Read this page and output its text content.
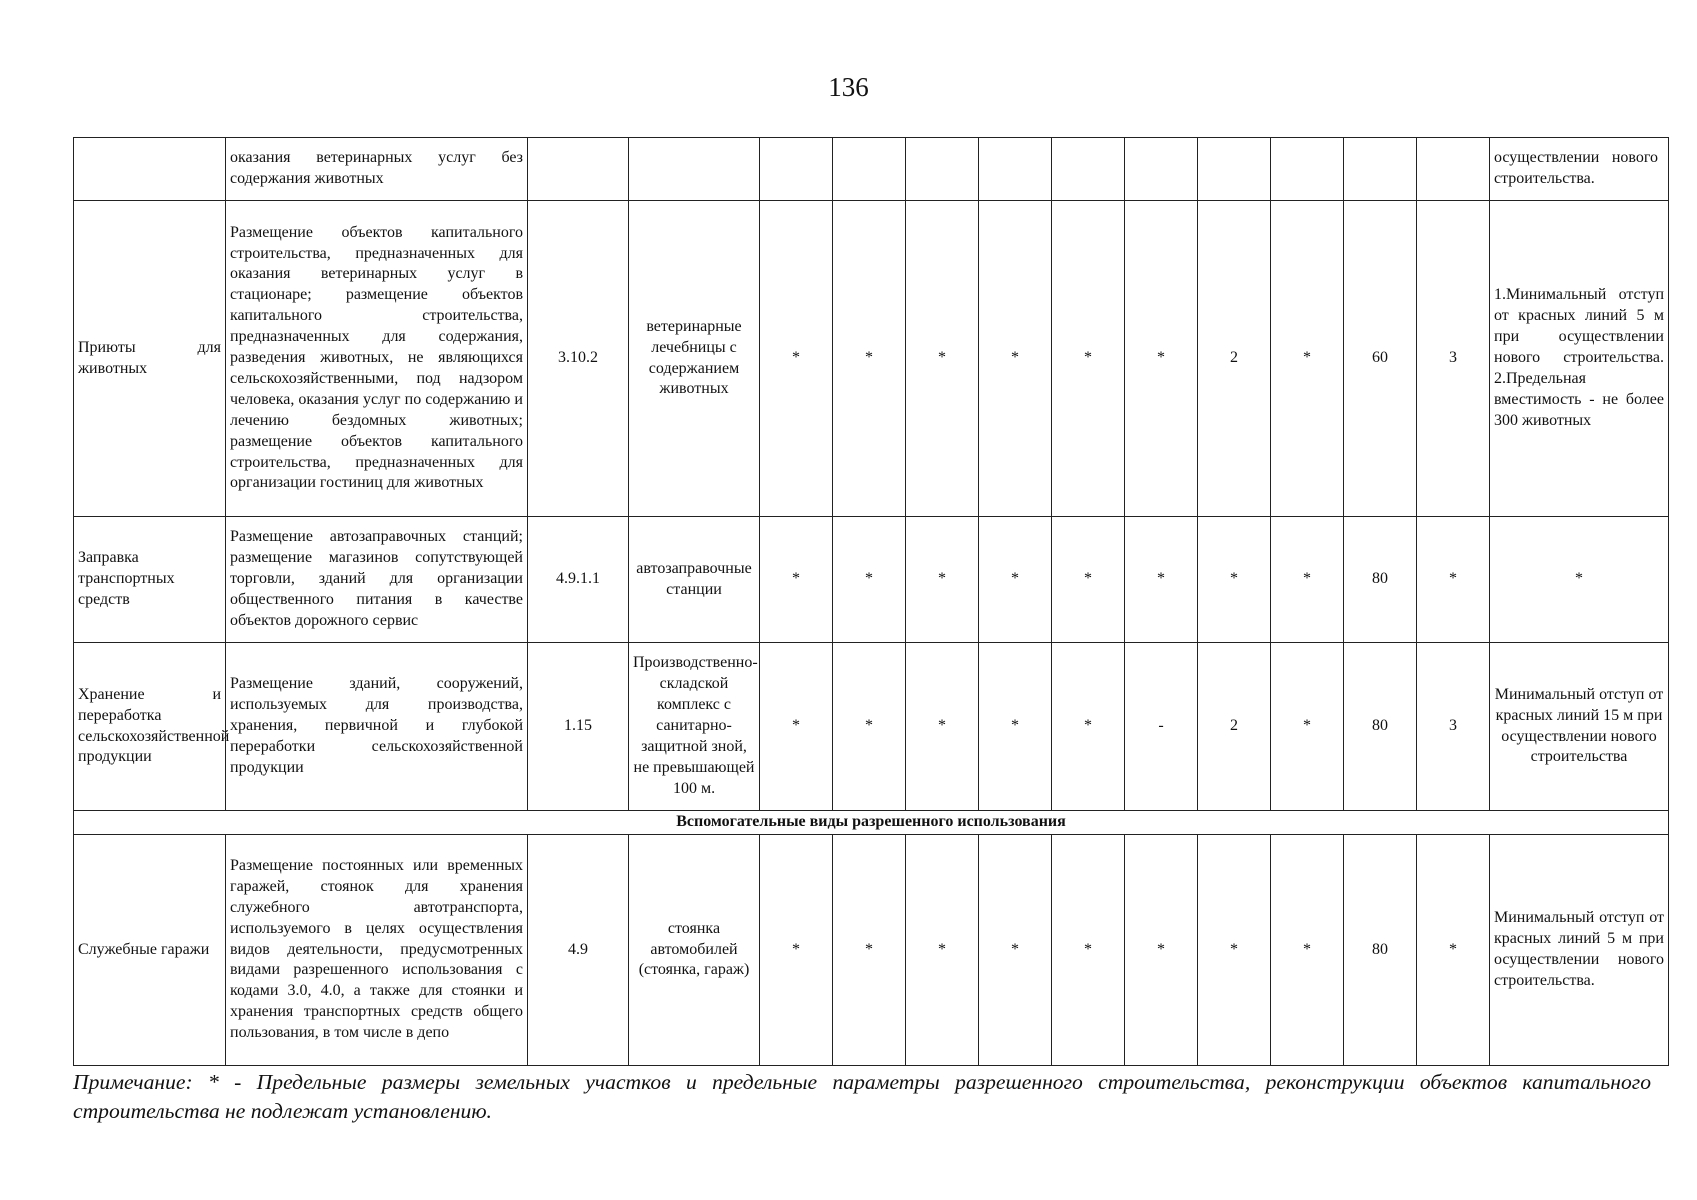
136
	оказания ветеринарных услуг без содержания животных													осуществлении нового строительства.
Приюты для животных	Размещение объектов капитального строительства, предназначенных для оказания ветеринарных услуг в стационаре; размещение объектов капитального строительства, предназначенных для содержания, разведения животных, не являющихся сельскохозяйственными, под надзором человека, оказания услуг по содержанию и лечению бездомных животных; размещение объектов капитального строительства, предназначенных для организации гостиниц для животных	3.10.2	ветеринарные лечебницы с содержанием животных	*	*	*	*	*	*	2	*	60	3	1.Минимальный отступ от красных линий 5 м при осуществлении нового строительства. 2.Предельная вместимость - не более 300 животных
Заправка транспортных средств	Размещение автозаправочных станций; размещение магазинов сопутствующей торговли, зданий для организации общественного питания в качестве объектов дорожного сервис	4.9.1.1	автозаправочные станции	*	*	*	*	*	*	*	*	80	*	*
Хранение и переработка сельскохозяйственной продукции	Размещение зданий, сооружений, используемых для производства, хранения, первичной и глубокой переработки сельскохозяйственной продукции	1.15	Производственно-складской комплекс с санитарно-защитной зной, не превышающей 100 м.	*	*	*	*	*	-	2	*	80	3	Минимальный отступ от красных линий 15 м при осуществлении нового строительства
Вспомогательные виды разрешенного использования														
Служебные гаражи	Размещение постоянных или временных гаражей, стоянок для хранения служебного автотранспорта, используемого в целях осуществления видов деятельности, предусмотренных видами разрешенного использования с кодами 3.0, 4.0, а также для стоянки и хранения транспортных средств общего пользования, в том числе в депо	4.9	стоянка автомобилей (стоянка, гараж)	*	*	*	*	*	*	*	*	80	*	Минимальный отступ от красных линий 5 м при осуществлении нового строительства.
Примечание: * - Предельные размеры земельных участков и предельные параметры разрешенного строительства, реконструкции объектов капитального строительства не подлежат установлению.
